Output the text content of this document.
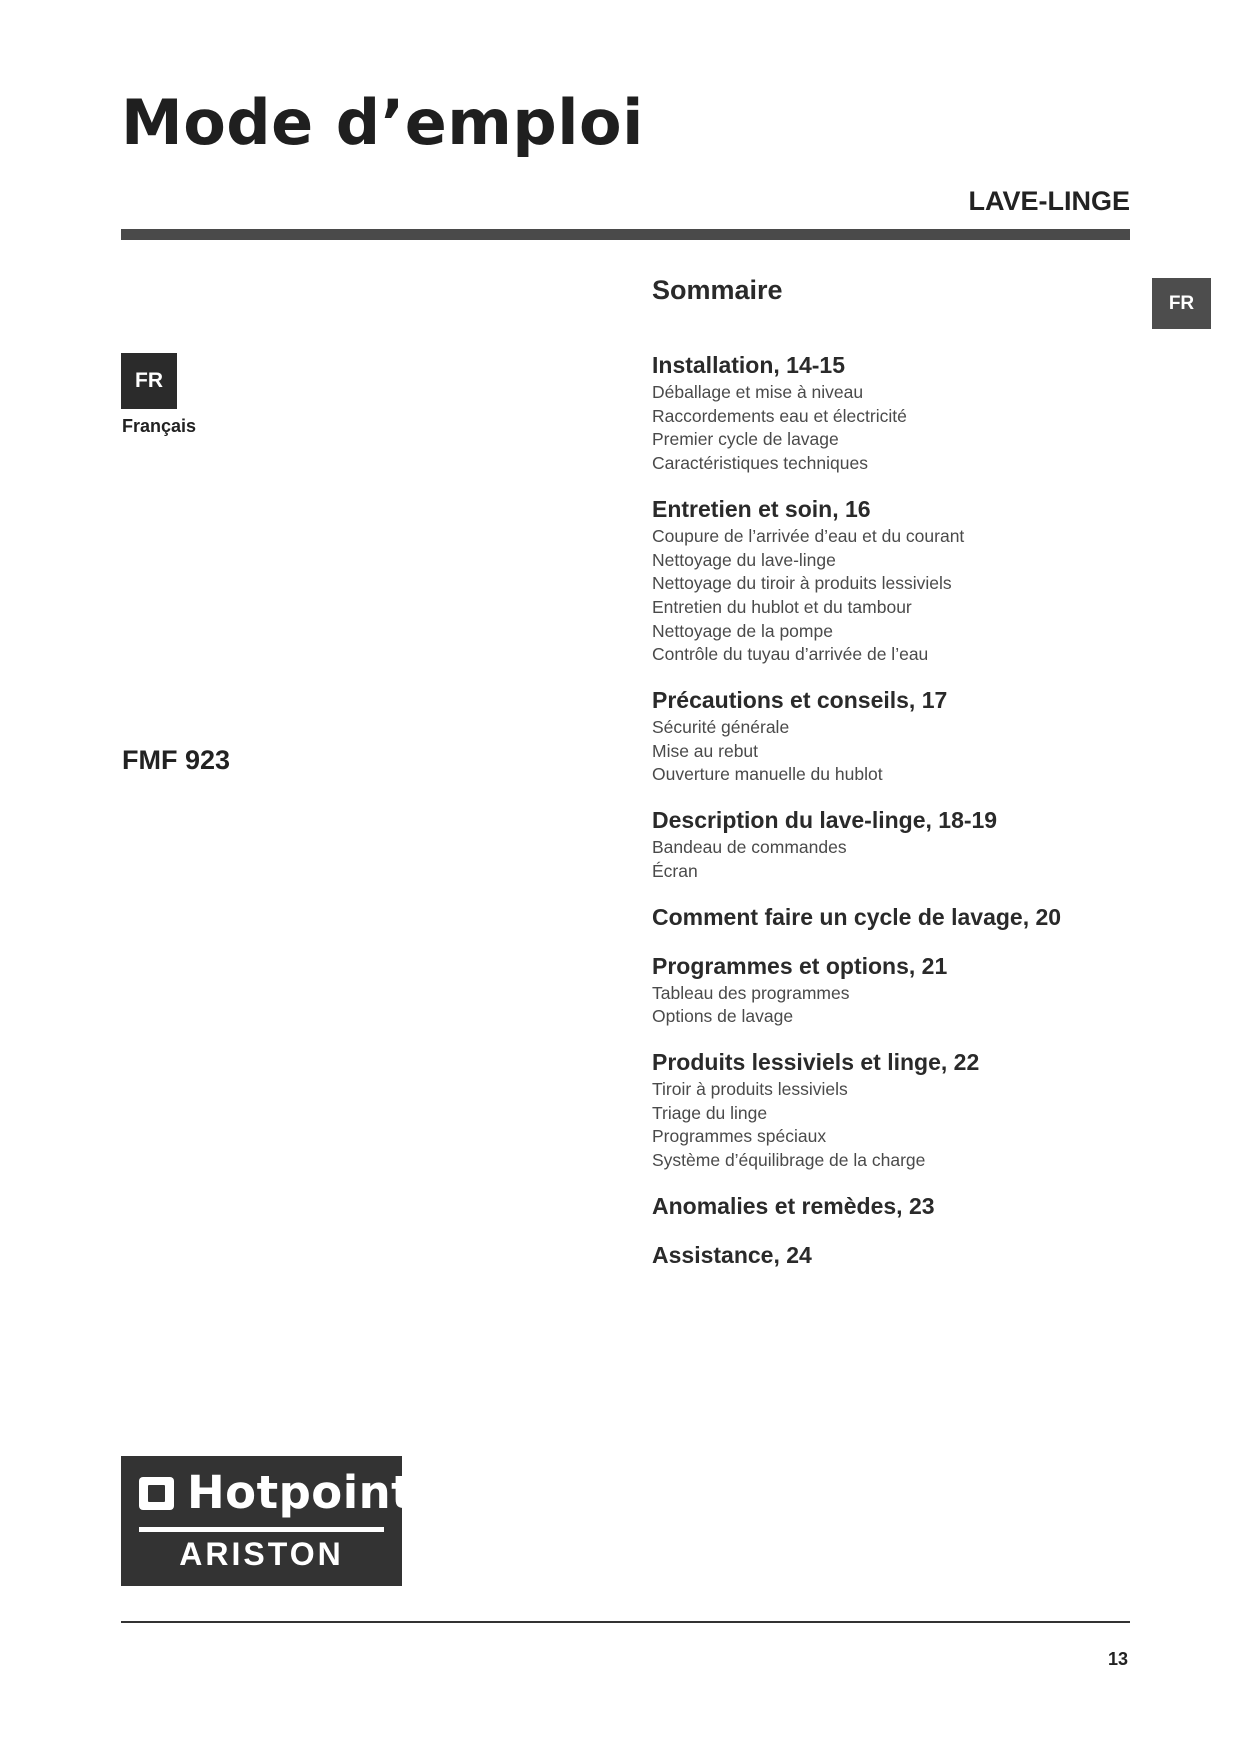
Mode d’emploi
LAVE-LINGE
FR
FR
Français
FMF 923
Sommaire
Installation, 14-15
Déballage et mise à niveau
Raccordements eau et électricité
Premier cycle de lavage
Caractéristiques techniques
Entretien et soin, 16
Coupure de l’arrivée d’eau et du courant
Nettoyage du lave-linge
Nettoyage du tiroir à produits lessiviels
Entretien du hublot et du tambour
Nettoyage de la pompe
Contrôle du tuyau d’arrivée de l’eau
Précautions et conseils, 17
Sécurité générale
Mise au rebut
Ouverture manuelle du hublot
Description du lave-linge, 18-19
Bandeau de commandes
Écran
Comment faire un cycle de lavage, 20
Programmes et options, 21
Tableau des programmes
Options de lavage
Produits lessiviels et linge, 22
Tiroir à produits lessiviels
Triage du linge
Programmes spéciaux
Système d’équilibrage de la charge
Anomalies et remèdes, 23
Assistance, 24
Hotpoint
ARISTON
13
